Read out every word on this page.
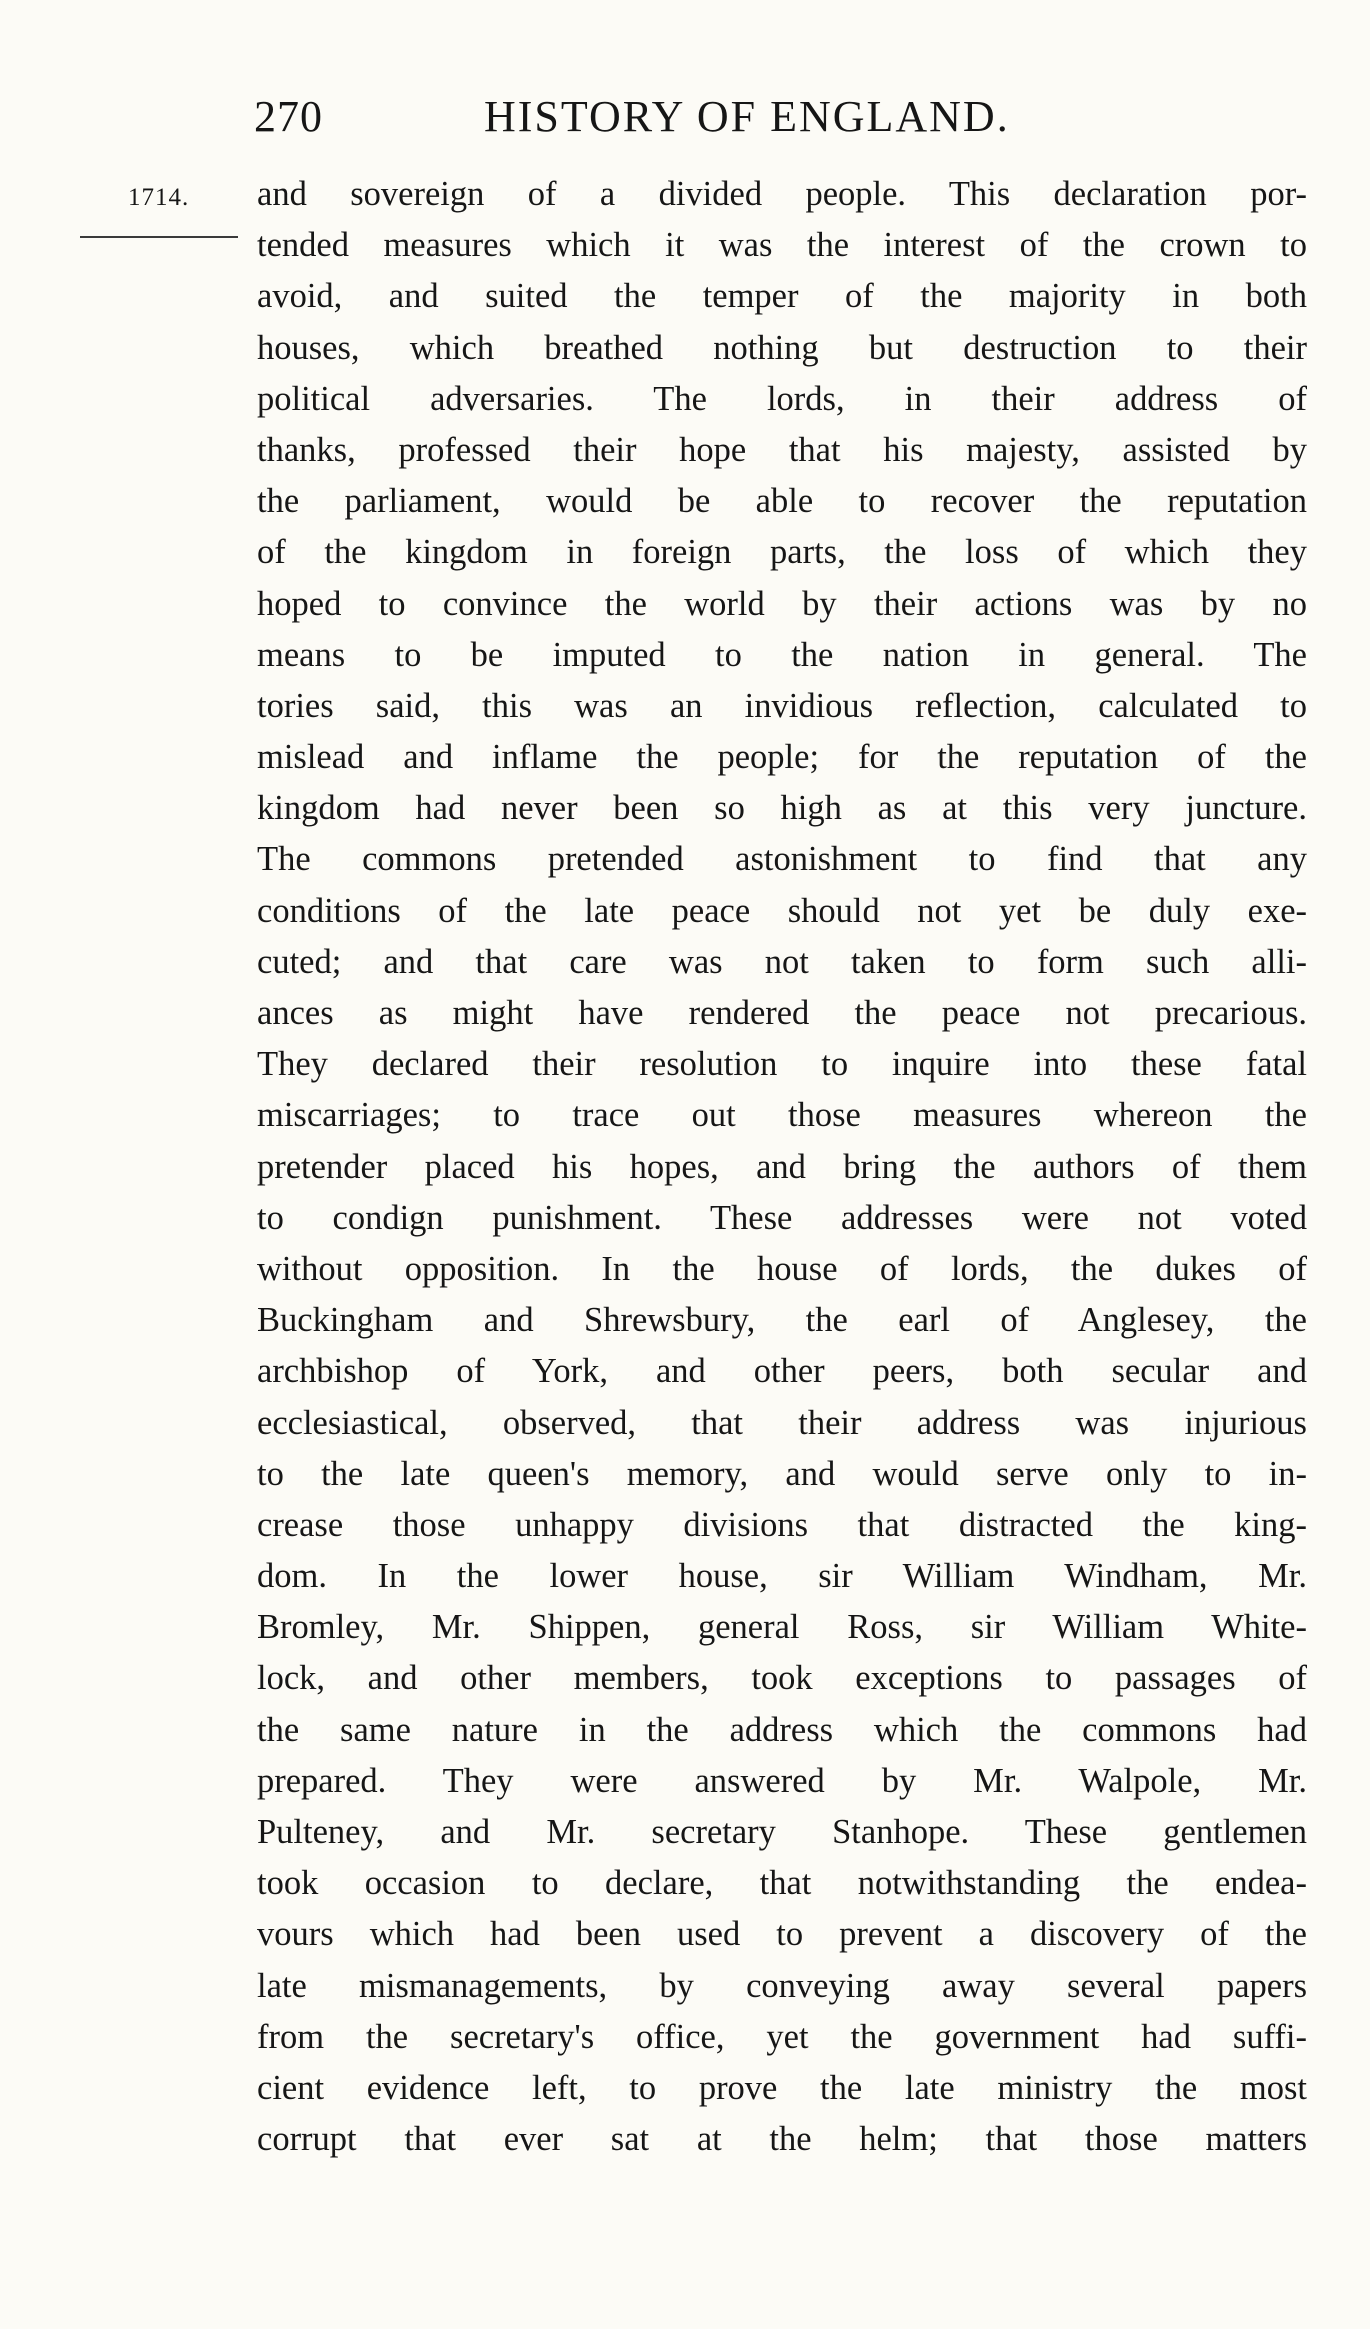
270	HISTORY OF ENGLAND.
1714. and sovereign of a divided people. This declaration por-
tended measures which it was the interest of the crown to
avoid, and suited the temper of the majority in both
houses, which breathed nothing but destruction to their
political adversaries. The lords, in their address of
thanks, professed their hope that his majesty, assisted by
the parliament, would be able to recover the reputation
of the kingdom in foreign parts, the loss of which they
hoped to convince the world by their actions was by no
means to be imputed to the nation in general. The
tories said, this was an invidious reflection, calculated to
mislead and inflame the people; for the reputation of the
kingdom had never been so high as at this very juncture.
The commons pretended astonishment to find that any
conditions of the late peace should not yet be duly exe-
cuted; and that care was not taken to form such alli-
ances as might have rendered the peace not precarious.
They declared their resolution to inquire into these fatal
miscarriages; to trace out those measures whereon the
pretender placed his hopes, and bring the authors of them
to condign punishment. These addresses were not voted
without opposition. In the house of lords, the dukes of
Buckingham and Shrewsbury, the earl of Anglesey, the
archbishop of York, and other peers, both secular and
ecclesiastical, observed, that their address was injurious
to the late queen's memory, and would serve only to in-
crease those unhappy divisions that distracted the king-
dom. In the lower house, sir William Windham, Mr.
Bromley, Mr. Shippen, general Ross, sir William White-
lock, and other members, took exceptions to passages of
the same nature in the address which the commons had
prepared. They were answered by Mr. Walpole, Mr.
Pulteney, and Mr. secretary Stanhope. These gentlemen
took occasion to declare, that notwithstanding the endea-
vours which had been used to prevent a discovery of the
late mismanagements, by conveying away several papers
from the secretary's office, yet the government had suffi-
cient evidence left, to prove the late ministry the most
corrupt that ever sat at the helm; that those matters
